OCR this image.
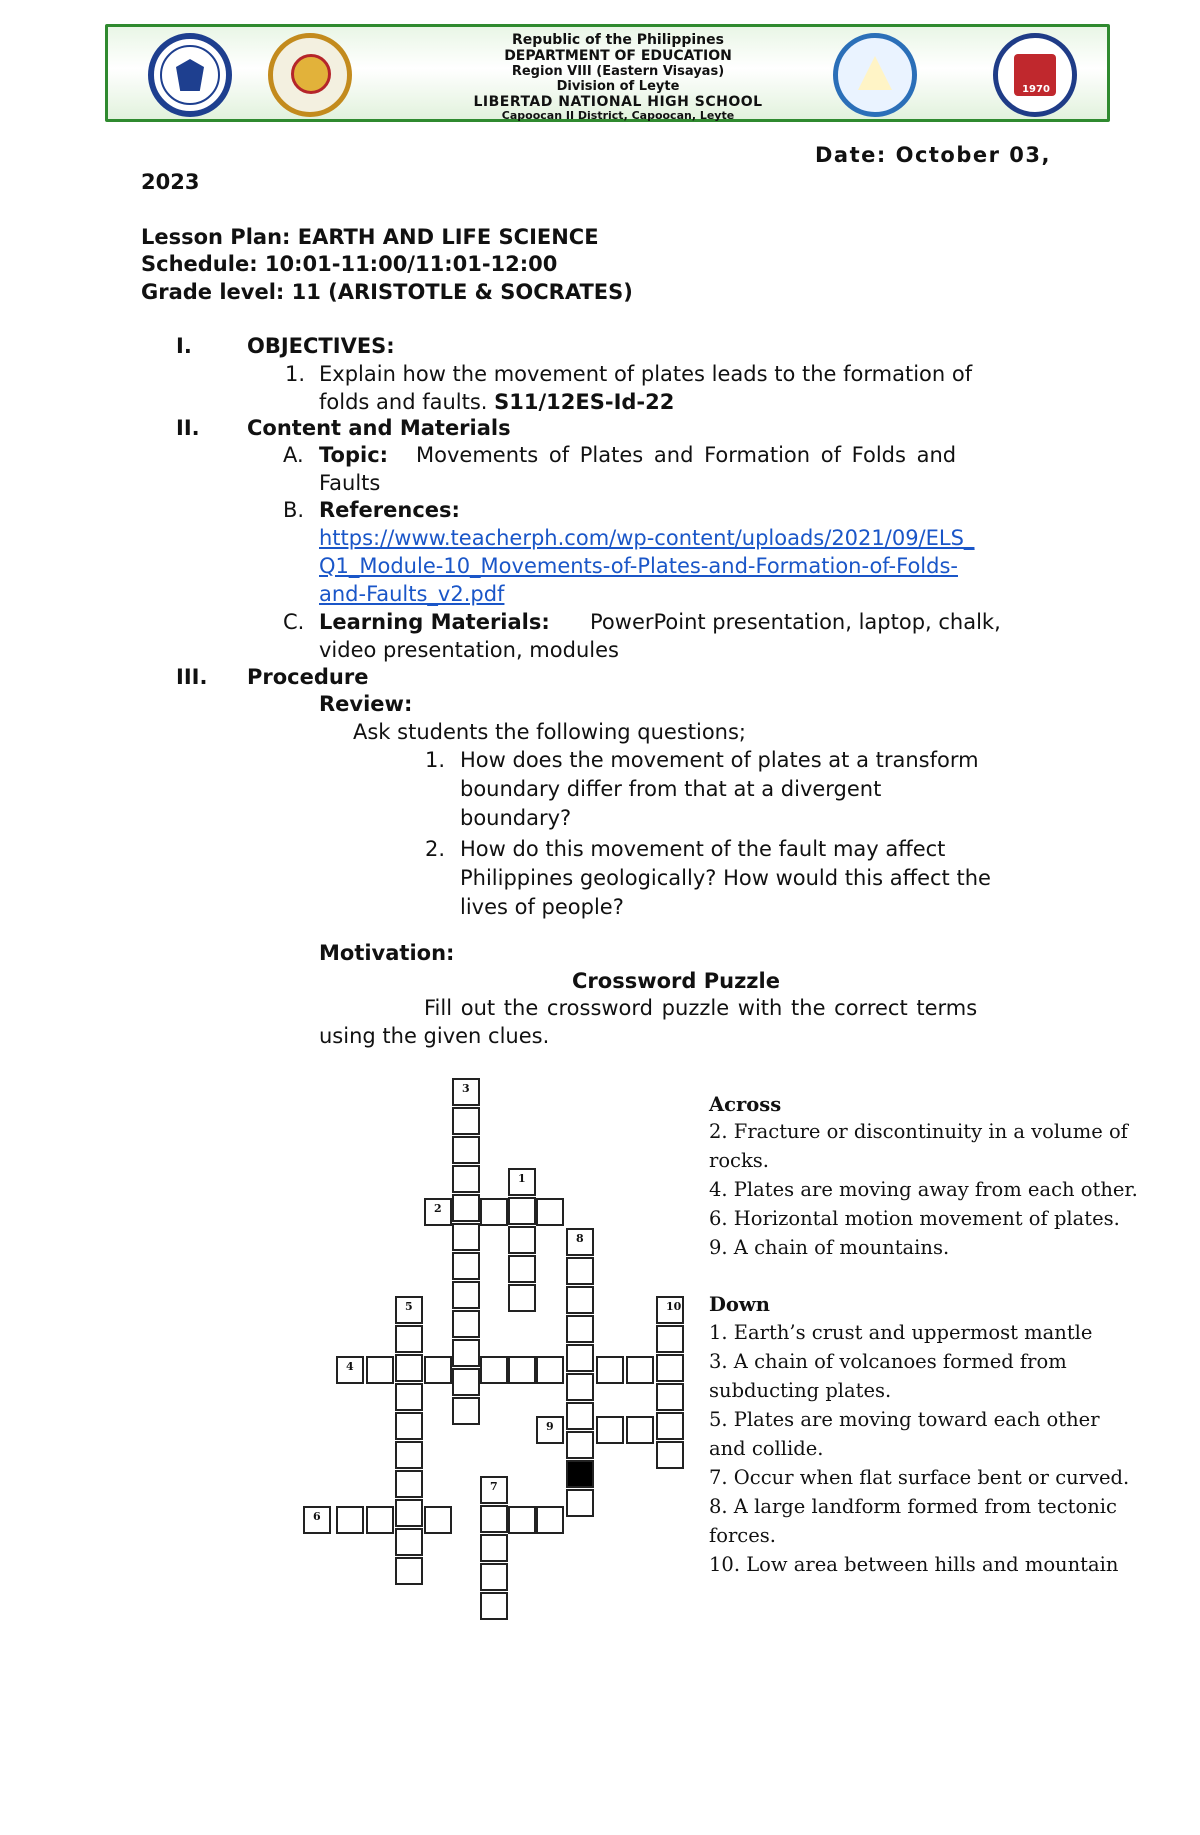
Republic of the Philippines
DEPARTMENT OF EDUCATION
Region VIII (Eastern Visayas)
Division of Leyte
LIBERTAD NATIONAL HIGH SCHOOL
Capoocan II District, Capoocan, Leyte
1970
Date: October 03,
2023
Lesson Plan: EARTH AND LIFE SCIENCE
Schedule: 10:01-11:00/11:01-12:00
Grade level: 11 (ARISTOTLE & SOCRATES)
I.	OBJECTIVES:
1. Explain how the movement of plates leads to the formation of
folds and faults. S11/12ES-Id-22
II. Content and Materials
A. Topic: Movements of Plates and Formation of Folds and
Faults
B. References:
https://www.teacherph.com/wp-content/uploads/2021/09/ELS_
Q1_Module-10_Movements-of-Plates-and-Formation-of-Folds-
and-Faults_v2.pdf
C. Learning Materials: PowerPoint presentation, laptop, chalk,
video presentation, modules
III. Procedure
Review:
Ask students the following questions;
1. How does the movement of plates at a transform
boundary differ from that at a divergent
boundary?
2. How do this movement of the fault may affect
Philippines geologically? How would this affect the
lives of people?
Motivation:
Crossword Puzzle
Fill out the crossword puzzle with the correct terms
using the given clues.
3
1
2
8
5	10
4
9
7
6
Across
2. Fracture or discontinuity in a volume of
rocks.
4. Plates are moving away from each other.
6. Horizontal motion movement of plates.
9. A chain of mountains.
Down
1. Earth’s crust and uppermost mantle
3. A chain of volcanoes formed from
subducting plates.
5. Plates are moving toward each other
and collide.
7. Occur when flat surface bent or curved.
8. A large landform formed from tectonic
forces.
10. Low area between hills and mountain
